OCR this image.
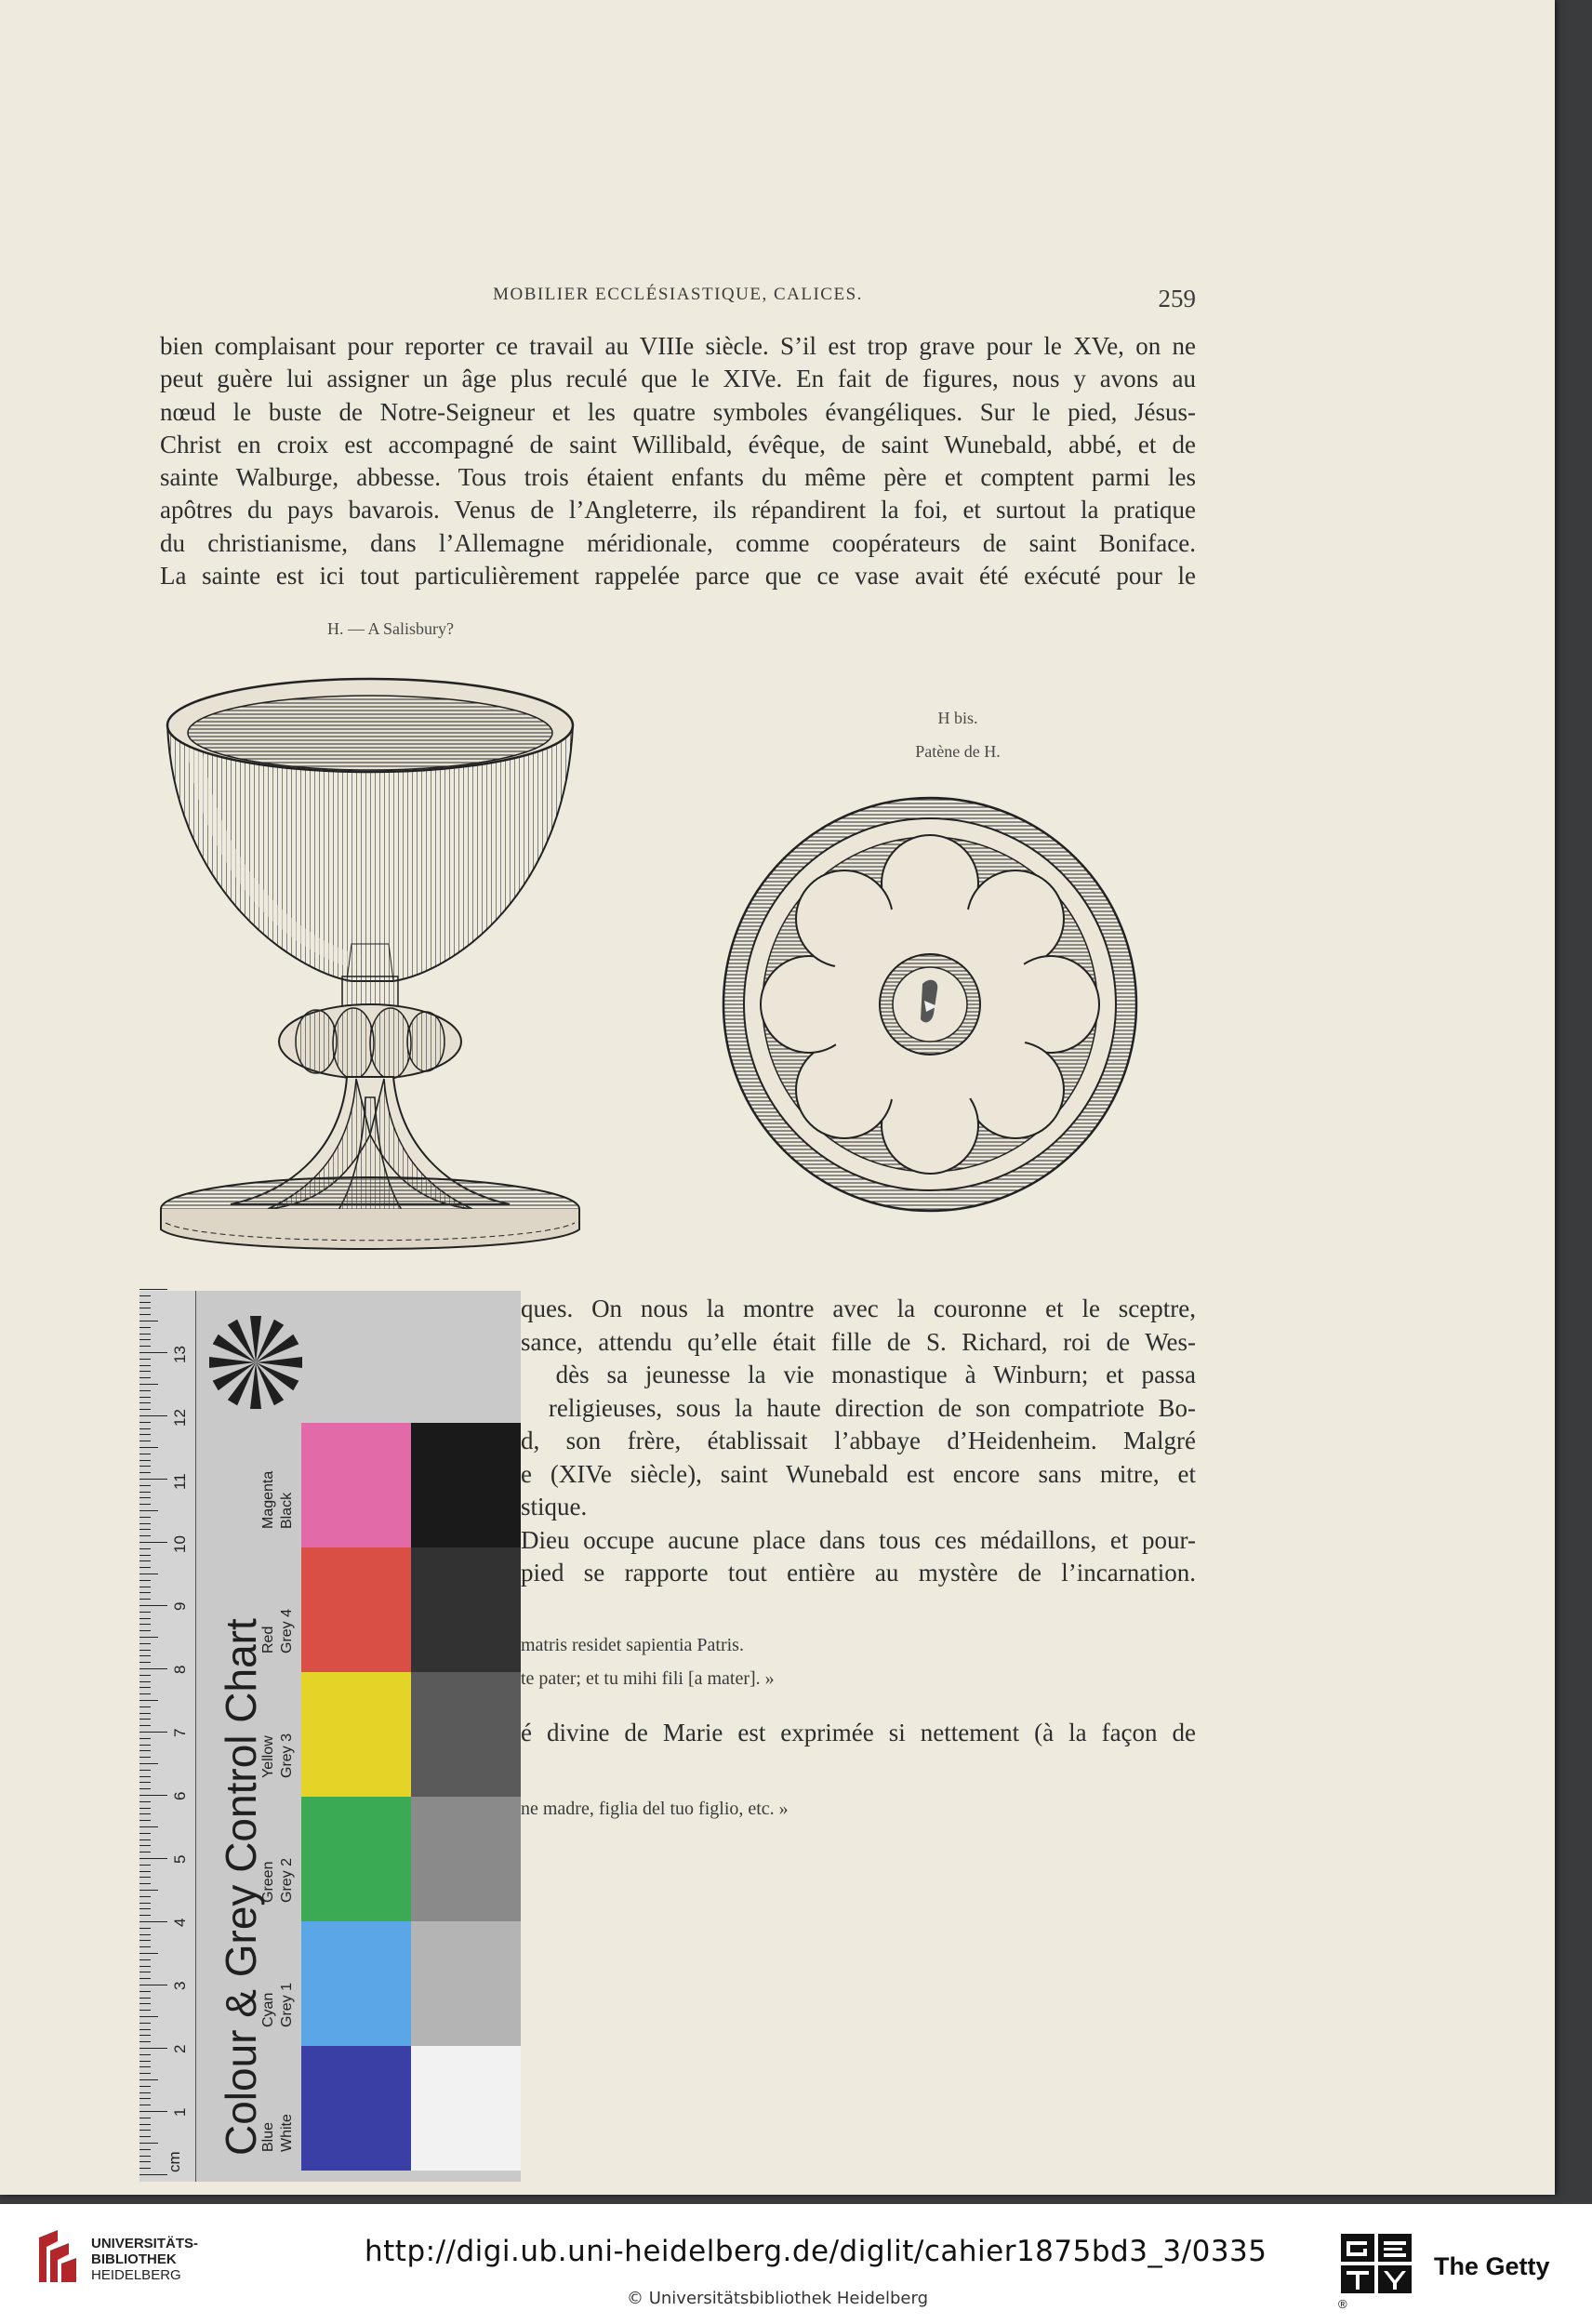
MOBILIER ECCLÉSIASTIQUE, CALICES.	259

bien complaisant pour reporter ce travail au VIIIe siècle. S’il est trop grave pour le XVe, on ne
peut guère lui assigner un âge plus reculé que le XIVe. En fait de figures, nous y avons au
nœud le buste de Notre-Seigneur et les quatre symboles évangéliques. Sur le pied, Jésus-
Christ en croix est accompagné de saint Willibald, évêque, de saint Wunebald, abbé, et de
sainte Walburge, abbesse. Tous trois étaient enfants du même père et comptent parmi les
apôtres du pays bavarois. Venus de l’Angleterre, ils répandirent la foi, et surtout la pratique
du christianisme, dans l’Allemagne méridionale, comme coopérateurs de saint Boniface.
La sainte est ici tout particulièrement rappelée parce que ce vase avait été exécuté pour le

H. — A Salisbury?
H bis.
Patène de H.
ques. On nous la montre avec la couronne et le sceptre,
sance, attendu qu’elle était fille de S. Richard, roi de Wes-
dès sa jeunesse la vie monastique à Winburn; et passa
religieuses, sous la haute direction de son compatriote Bo-
d, son frère, établissait l’abbaye d’Heidenheim. Malgré
e (XIVe siècle), saint Wunebald est encore sans mitre, et
stique.
Dieu occupe aucune place dans tous ces médaillons, et pour-
pied se rapporte tout entière au mystère de l’incarnation.
matris residet sapientia Patris.
te pater; et tu mihi fili [a mater]. »
é divine de Marie est exprimée si nettement (à la façon de
ne madre, figlia del tuo figlio, etc. »
cm
1
2
3
4
5
6
7
8
9
10
11
12
13
Colour & Grey Control Chart
Blue White
Cyan Grey 1
Green Grey 2
Yellow Grey 3
Red Grey 4
Magenta Black
UNIVERSITÄTS-
BIBLIOTHEK
HEIDELBERG
http://digi.ub.uni-heidelberg.de/diglit/cahier1875bd3_3/0335
© Universitätsbibliothek Heidelberg	®
The Getty
